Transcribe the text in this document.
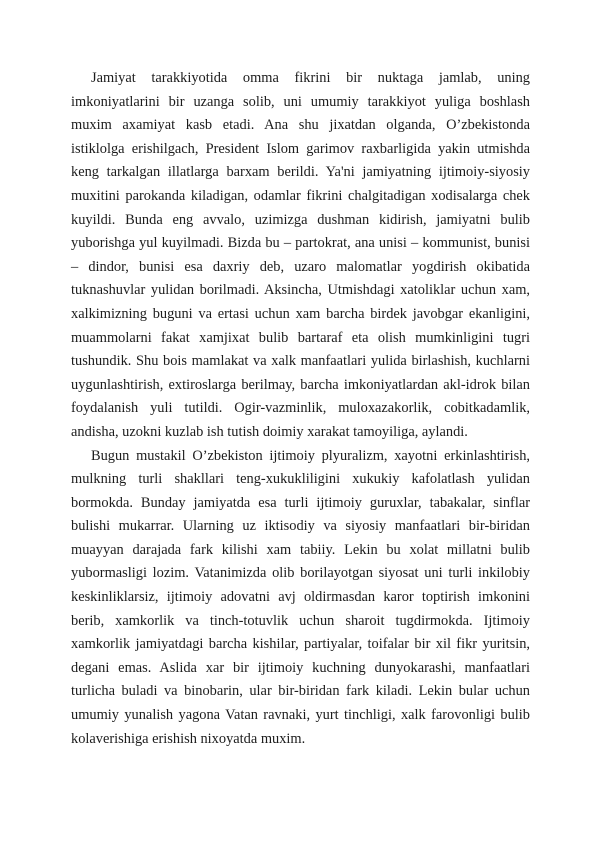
Jamiyat tarakkiyotida omma fikrini bir nuktaga jamlab, uning imkoniyatlarini bir uzanga solib, uni umumiy tarakkiyot yuliga boshlash muxim axamiyat kasb etadi. Ana shu jixatdan olganda, O’zbekistonda istiklolga erishilgach, President Islom garimov raxbarligida yakin utmishda keng tarkalgan illatlarga barxam berildi. Ya'ni jamiyatning ijtimoiy-siyosiy muxitini parokanda kiladigan, odamlar fikrini chalgitadigan xodisalarga chek kuyildi. Bunda eng avvalo, uzimizga dushman kidirish, jamiyatni bulib yuborishga yul kuyilmadi. Bizda bu – partokrat, ana unisi – kommunist, bunisi – dindor, bunisi esa daxriy deb, uzaro malomatlar yogdirish okibatida tuknashuvlar yulidan borilmadi. Aksincha, Utmishdagi xatoliklar uchun xam, xalkimizning buguni va ertasi uchun xam barcha birdek javobgar ekanligini, muammolarni fakat xamjixat bulib bartaraf eta olish mumkinligini tugri tushundik. Shu bois mamlakat va xalk manfaatlari yulida birlashish, kuchlarni uygunlashtirish, extiroslarga berilmay, barcha imkoniyatlardan akl-idrok bilan foydalanish yuli tutildi. Ogir-vazminlik, muloxazakorlik, cobitkadamlik, andisha, uzokni kuzlab ish tutish doimiy xarakat tamoyiliga, aylandi.

Bugun mustakil O’zbekiston ijtimoiy plyuralizm, xayotni erkinlashtirish, mulkning turli shakllari teng-xukukliligini xukukiy kafolatlash yulidan bormokda. Bunday jamiyatda esa turli ijtimoiy guruxlar, tabakalar, sinflar bulishi mukarrar. Ularning uz iktisodiy va siyosiy manfaatlari bir-biridan muayyan darajada fark kilishi xam tabiiy. Lekin bu xolat millatni bulib yubormasligi lozim. Vatanimizda olib borilayotgan siyosat uni turli inkilobiy keskinliklarsiz, ijtimoiy adovatni avj oldirmasdan karor toptirish imkonini berib, xamkorlik va tinch-totuvlik uchun sharoit tugdirmokda. Ijtimoiy xamkorlik jamiyatdagi barcha kishilar, partiyalar, toifalar bir xil fikr yuritsin, degani emas. Aslida xar bir ijtimoiy kuchning dunyokarashi, manfaatlari turlicha buladi va binobarin, ular bir-biridan fark kiladi. Lekin bular uchun umumiy yunalish yagona Vatan ravnaki, yurt tinchligi, xalk farovonligi bulib kolaverishiga erishish nixoyatda muxim.
